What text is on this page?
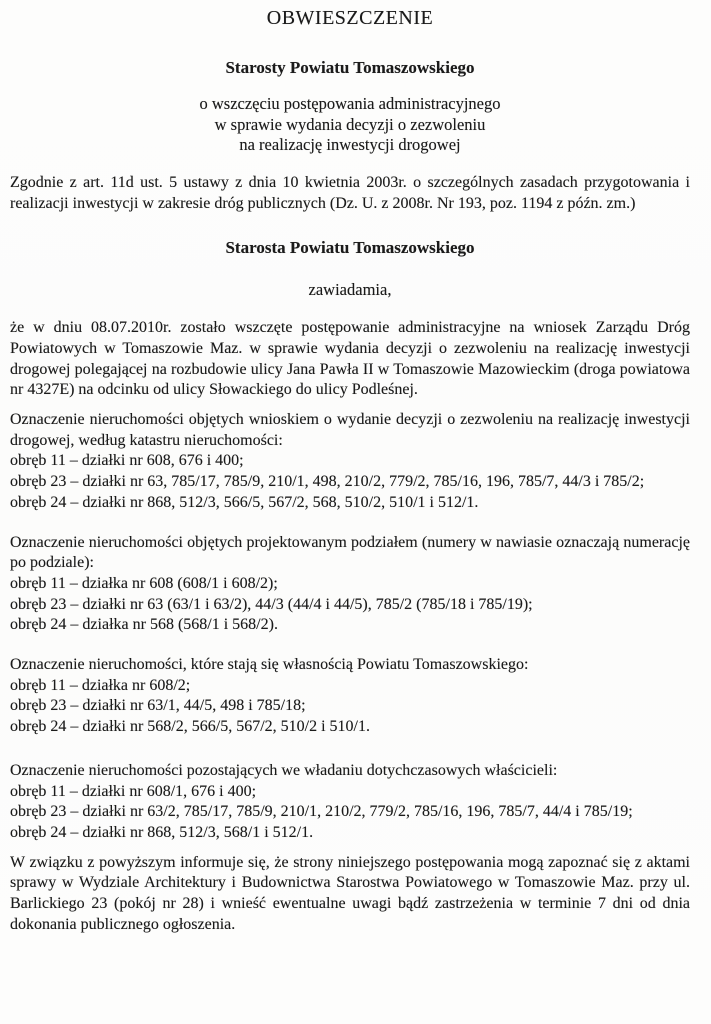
OBWIESZCZENIE
Starosty Powiatu Tomaszowskiego
o wszczęciu postępowania administracyjnego
w sprawie wydania decyzji o zezwoleniu
na realizację inwestycji drogowej

Zgodnie z art. 11d ust. 5 ustawy z dnia 10 kwietnia 2003r. o szczególnych zasadach przygotowania i realizacji inwestycji w zakresie dróg publicznych (Dz. U. z 2008r. Nr 193, poz. 1194 z późn. zm.)

Starosta Powiatu Tomaszowskiego
zawiadamia,

że w dniu 08.07.2010r. zostało wszczęte postępowanie administracyjne na wniosek Zarządu Dróg Powiatowych w Tomaszowie Maz. w sprawie wydania decyzji o zezwoleniu na realizację inwestycji drogowej polegającej na rozbudowie ulicy Jana Pawła II w Tomaszowie Mazowieckim (droga powiatowa nr 4327E) na odcinku od ulicy Słowackiego do ulicy Podleśnej.

Oznaczenie nieruchomości objętych wnioskiem o wydanie decyzji o zezwoleniu na realizację inwestycji drogowej, według katastru nieruchomości:

obręb 11 – działki nr 608, 676 i 400;
obręb 23 – działki nr 63, 785/17, 785/9, 210/1, 498, 210/2, 779/2, 785/16, 196, 785/7, 44/3 i 785/2;
obręb 24 – działki nr 868, 512/3, 566/5, 567/2, 568, 510/2, 510/1 i 512/1.

Oznaczenie nieruchomości objętych projektowanym podziałem (numery w nawiasie oznaczają numerację po podziale):

obręb 11 – działka nr 608 (608/1 i 608/2);
obręb 23 – działki nr 63 (63/1 i 63/2), 44/3 (44/4 i 44/5), 785/2 (785/18 i 785/19);
obręb 24 – działka nr 568 (568/1 i 568/2).

Oznaczenie nieruchomości, które stają się własnością Powiatu Tomaszowskiego:

obręb 11 – działka nr 608/2;
obręb 23 – działki nr 63/1, 44/5, 498 i 785/18;
obręb 24 – działki nr 568/2, 566/5, 567/2, 510/2 i 510/1.

Oznaczenie nieruchomości pozostających we władaniu dotychczasowych właścicieli:

obręb 11 – działki nr 608/1, 676 i 400;
obręb 23 – działki nr 63/2, 785/17, 785/9, 210/1, 210/2, 779/2, 785/16, 196, 785/7, 44/4 i 785/19;
obręb 24 – działki nr 868, 512/3, 568/1 i 512/1.

W związku z powyższym informuje się, że strony niniejszego postępowania mogą zapoznać się z aktami sprawy w Wydziale Architektury i Budownictwa Starostwa Powiatowego w Tomaszowie Maz. przy ul. Barlickiego 23 (pokój nr 28) i wnieść ewentualne uwagi bądź zastrzeżenia w terminie 7 dni od dnia dokonania publicznego ogłoszenia.
